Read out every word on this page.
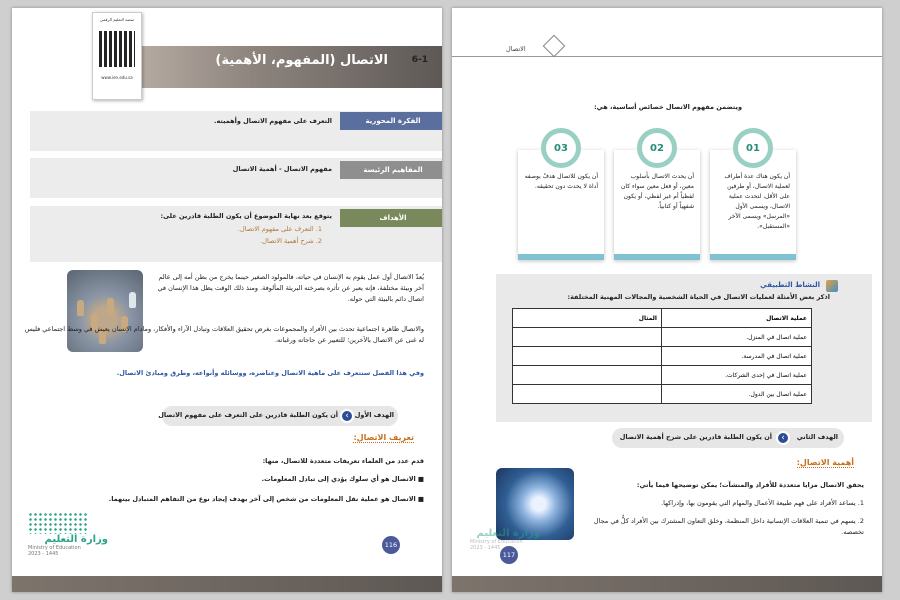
الاتصال (المفهوم، الأهمية)	6-1
منصة التعليم الرقمي
www.ien.edu.sa
الفكرة المحورية
التعرف على مفهوم الاتصال وأهميته.
المفاهيم الرئيسة
مفهوم الاتصال - أهمية الاتصال
الأهداف
يتوقع بعد نهاية الموضوع أن يكون الطلبة قادرين على:
1. التعرف على مفهوم الاتصال.
2. شرح أهمية الاتصال.
يُعدّ الاتصال أول عمل يقوم به الإنسان في حياته، فالمولود الصغير حينما يخرج من بطن أمه إلى عالم آخر وبيئة مختلفة، فإنه يعبر عن تأثره بصرخته البريئة المألوفة. ومنذ ذلك الوقت يظل هذا الإنسان في اتصال دائم بالبيئة التي حوله.
والاتصال ظاهرة اجتماعية تحدث بين الأفراد والمجموعات بغرض تحقيق العلاقات وتبادل الآراء والأفكار، ومادام الإنسان يعيش في وسط اجتماعي فليس له غنى عن الاتصال بالآخرين؛ للتعبير عن حاجاته ورغباته.
وفي هذا الفصل سنتعرف على ماهية الاتصال وعناصره، ووسائله وأنواعه، وطرق ومبادئ الاتصال.
الهدف الأول
‹
أن يكون الطلبة قادرين على التعرف على مفهوم الاتصال
تعريف الاتصال:
قدم عدد من العلماء تعريفات متعددة للاتصال، منها:
■ الاتصال هو أي سلوك يؤدي إلى تبادل المعلومات.
■ الاتصال هو عملية نقل المعلومات من شخص إلى آخر بهدف إيجاد نوع من التفاهم المتبادل بينهما.
116
وزارة التعليم
Ministry of Education
2023 - 1445
الاتصال
ويتضمن مفهوم الاتصال خصائص أساسية، هي:
أن يكون هناك عدة أطراف لعملية الاتصال، أو طرفين على الأقل، لتحدث عملية الاتصال، ويسمى الأول «المرسل» ويسمى الآخر «المستقبل».
01
أن يحدث الاتصال بأسلوب معين، أو فعل معين سواء كان لفظياً أم غير لفظي، أو يكون شفهياً أو كتابياً.
02
أن يكون للاتصال هدفٌ بوصفه أداة لا يحدث دون تحقيقه.
03
النشاط التطبيقي
اذكر بعض الأمثلة لعمليات الاتصال في الحياة الشخصية والمجالات المهنية المختلفة:
عملية الاتصال	المثال
عملية اتصال في المنزل.	
عملية اتصال في المدرسة.	
عملية اتصال في إحدى الشركات.	
عملية اتصال بين الدول.	
الهدف الثاني
‹
أن يكون الطلبة قادرين على شرح أهمية الاتصال
أهمية الاتصال:
يحقق الاتصال مزايا متعددة للأفراد والمنشآت؛ يمكن توضيحها فيما يأتي:
1. يساعد الأفراد على فهم طبيعة الأعمال والمهام التي يقومون بها، وإدراكها.
2. يسهم في تنمية العلاقات الإنسانية داخل المنظمة، وخلق التعاون المشترك بين الأفراد كلٌّ في مجال تخصصه.
117
وزارة التعليم
Ministry of Education
2023 - 1445
